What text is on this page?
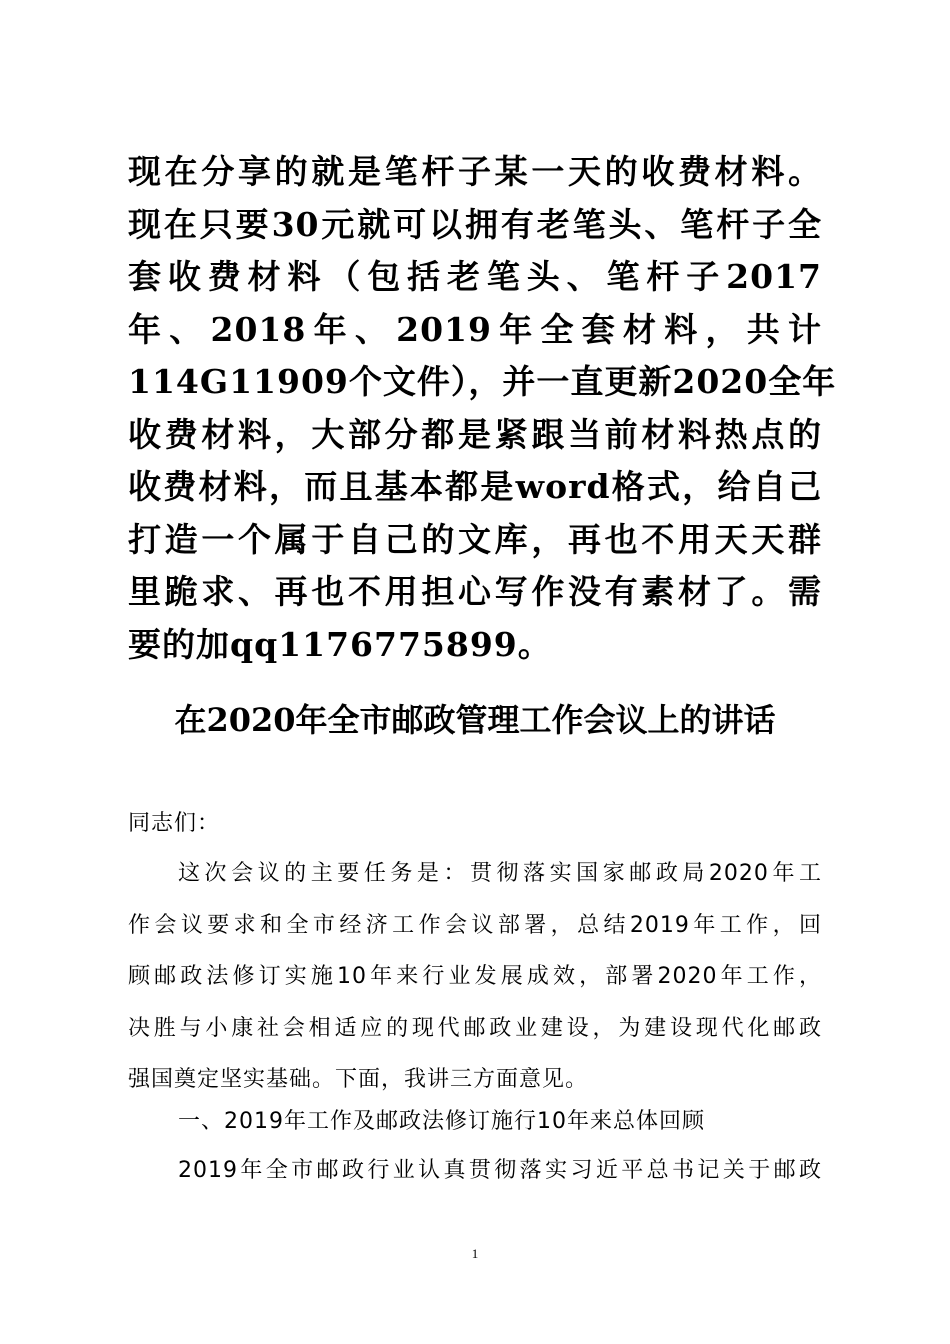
现在分享的就是笔杆子某一天的收费材料。
现在只要30元就可以拥有老笔头、笔杆子全
套收费材料（包括老笔头、笔杆子2017
年、2018年、2019年全套材料，共计
114G11909个文件），并一直更新2020全年
收费材料，大部分都是紧跟当前材料热点的
收费材料，而且基本都是word格式，给自己
打造一个属于自己的文库，再也不用天天群
里跪求、再也不用担心写作没有素材了。需
要的加qq1176775899。
在2020年全市邮政管理工作会议上的讲话
同志们：
这次会议的主要任务是：贯彻落实国家邮政局2020年工
作会议要求和全市经济工作会议部署，总结2019年工作，回
顾邮政法修订实施10年来行业发展成效，部署2020年工作，
决胜与小康社会相适应的现代邮政业建设，为建设现代化邮政
强国奠定坚实基础。下面，我讲三方面意见。
一、2019年工作及邮政法修订施行10年来总体回顾
2019年全市邮政行业认真贯彻落实习近平总书记关于邮政
1
